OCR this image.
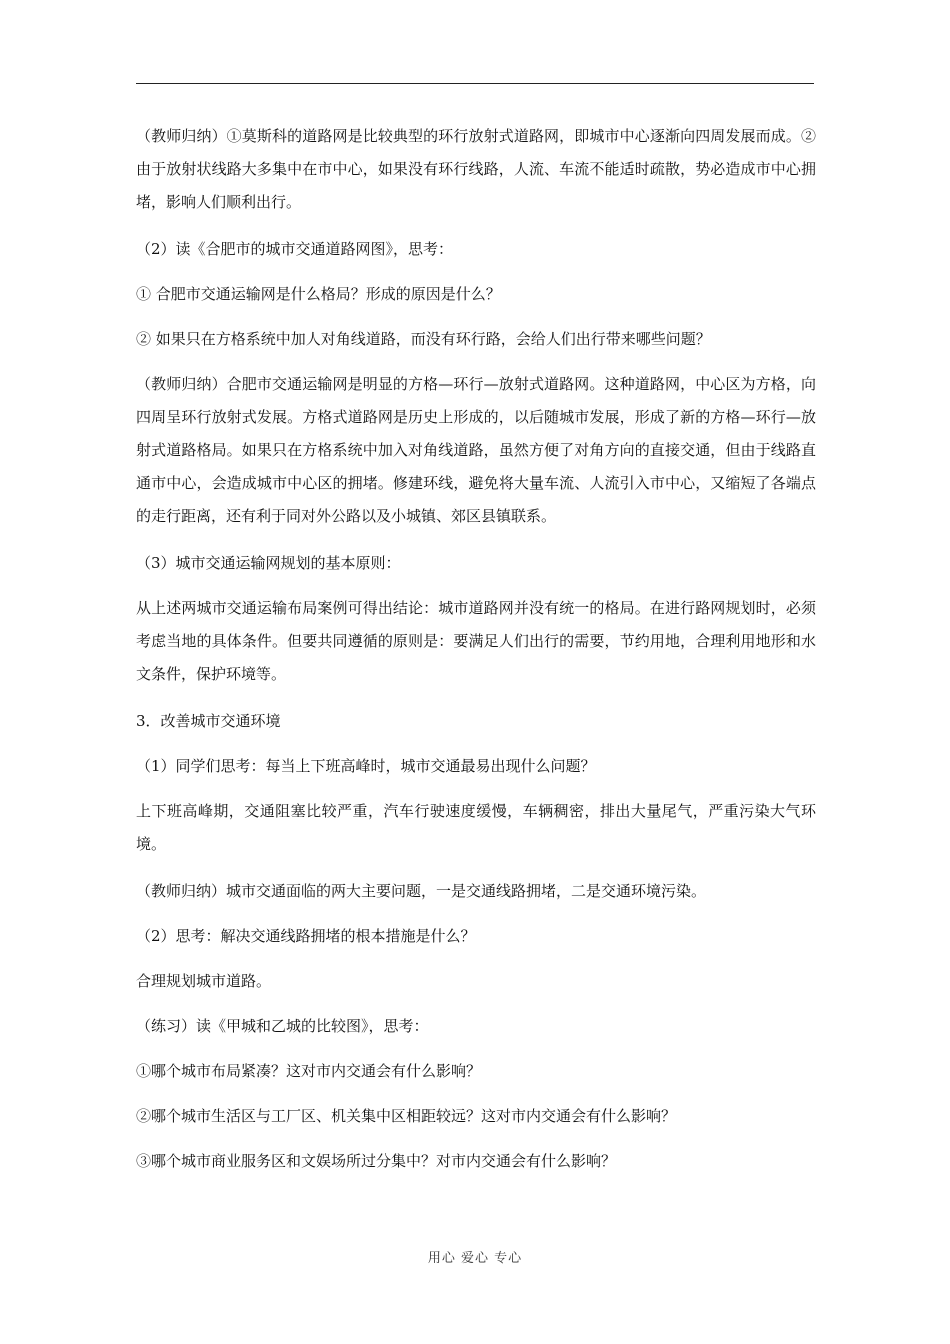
（教师归纳）①莫斯科的道路网是比较典型的环行放射式道路网，即城市中心逐渐向四周发展而成。②由于放射状线路大多集中在市中心，如果没有环行线路，人流、车流不能适时疏散，势必造成市中心拥堵，影响人们顺利出行。

（2）读《合肥市的城市交通道路网图》，思考：

① 合肥市交通运输网是什么格局？形成的原因是什么？

② 如果只在方格系统中加人对角线道路，而没有环行路，会给人们出行带来哪些问题？

（教师归纳）合肥市交通运输网是明显的方格—环行—放射式道路网。这种道路网，中心区为方格，向四周呈环行放射式发展。方格式道路网是历史上形成的，以后随城市发展，形成了新的方格—环行—放射式道路格局。如果只在方格系统中加入对角线道路，虽然方便了对角方向的直接交通，但由于线路直通市中心，会造成城市中心区的拥堵。修建环线，避免将大量车流、人流引入市中心，又缩短了各端点的走行距离，还有利于同对外公路以及小城镇、郊区县镇联系。

（3）城市交通运输网规划的基本原则：

从上述两城市交通运输布局案例可得出结论：城市道路网并没有统一的格局。在进行路网规划时，必须考虑当地的具体条件。但要共同遵循的原则是：要满足人们出行的需要，节约用地，合理利用地形和水文条件，保护环境等。

3．改善城市交通环境

（1）同学们思考：每当上下班高峰时，城市交通最易出现什么问题？

上下班高峰期，交通阻塞比较严重，汽车行驶速度缓慢，车辆稠密，排出大量尾气，严重污染大气环境。

（教师归纳）城市交通面临的两大主要问题，一是交通线路拥堵，二是交通环境污染。

（2）思考：解决交通线路拥堵的根本措施是什么？

合理规划城市道路。

（练习）读《甲城和乙城的比较图》，思考：

①哪个城市布局紧凑？这对市内交通会有什么影响？

②哪个城市生活区与工厂区、机关集中区相距较远？这对市内交通会有什么影响？

③哪个城市商业服务区和文娱场所过分集中？对市内交通会有什么影响？

用心 爱心 专心
